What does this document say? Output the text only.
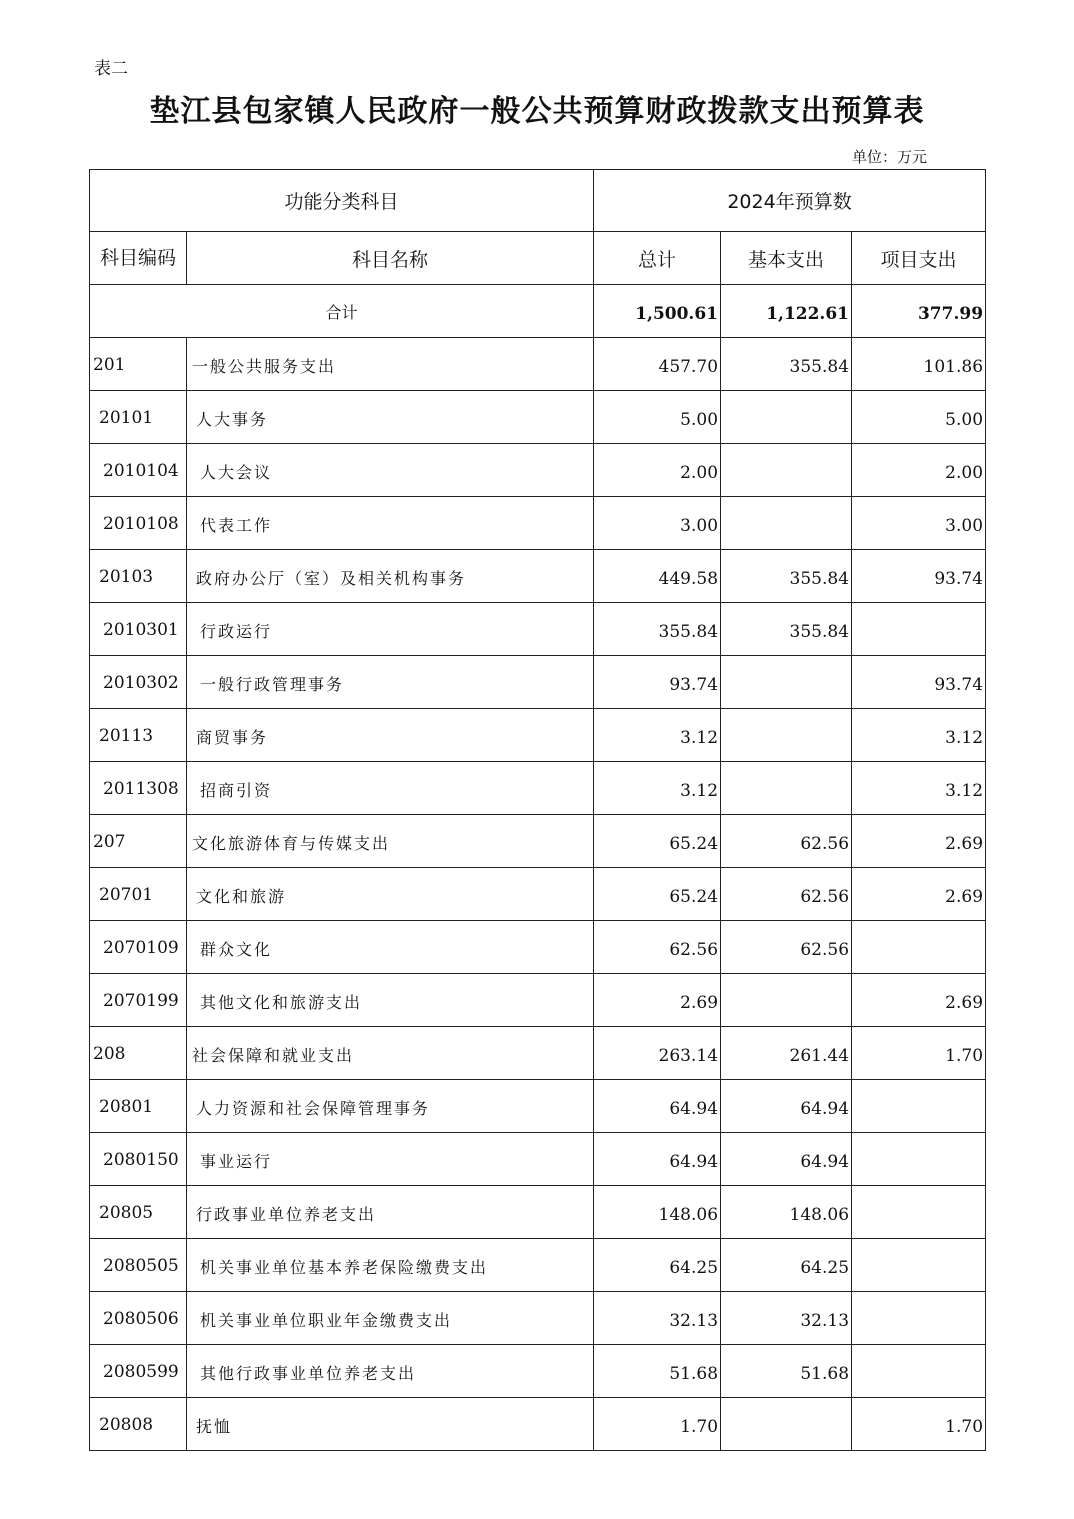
表二
垫江县包家镇人民政府一般公共预算财政拨款支出预算表
单位：万元
功能分类科目		2024年预算数		
科目编码	科目名称	总计	基本支出	项目支出
合计		1,500.61	1,122.61	377.99
201	一般公共服务支出	457.70	355.84	101.86
20101	人大事务	5.00		5.00
2010104	人大会议	2.00		2.00
2010108	代表工作	3.00		3.00
20103	政府办公厅（室）及相关机构事务	449.58	355.84	93.74
2010301	行政运行	355.84	355.84	
2010302	一般行政管理事务	93.74		93.74
20113	商贸事务	3.12		3.12
2011308	招商引资	3.12		3.12
207	文化旅游体育与传媒支出	65.24	62.56	2.69
20701	文化和旅游	65.24	62.56	2.69
2070109	群众文化	62.56	62.56	
2070199	其他文化和旅游支出	2.69		2.69
208	社会保障和就业支出	263.14	261.44	1.70
20801	人力资源和社会保障管理事务	64.94	64.94	
2080150	事业运行	64.94	64.94	
20805	行政事业单位养老支出	148.06	148.06	
2080505	机关事业单位基本养老保险缴费支出	64.25	64.25	
2080506	机关事业单位职业年金缴费支出	32.13	32.13	
2080599	其他行政事业单位养老支出	51.68	51.68	
20808	抚恤	1.70		1.70
